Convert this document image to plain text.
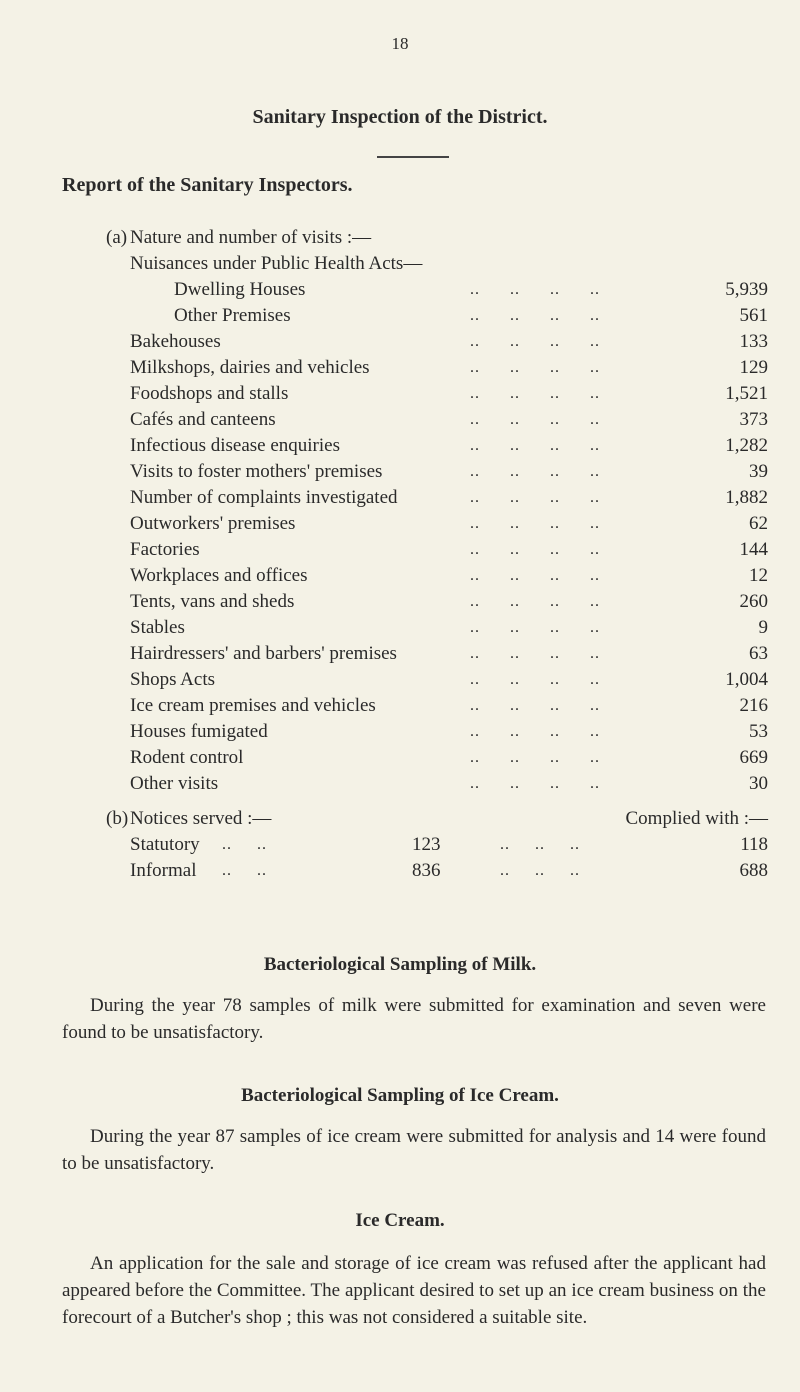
18
Sanitary Inspection of the District.
Report of the Sanitary Inspectors.
(a) Nature and number of visits :—
Nuisances under Public Health Acts—
Dwelling Houses	..      ..      ..      ..	5,939
Other Premises	..      ..      ..      ..	561
Bakehouses	..      ..      ..      ..	133
Milkshops, dairies and vehicles	..      ..      ..      ..	129
Foodshops and stalls	..      ..      ..      ..	1,521
Cafés and canteens	..      ..      ..      ..	373
Infectious disease enquiries	..      ..      ..      ..	1,282
Visits to foster mothers' premises	..      ..      ..      ..	39
Number of complaints investigated	..      ..      ..      ..	1,882
Outworkers' premises	..      ..      ..      ..	62
Factories	..      ..      ..      ..	144
Workplaces and offices	..      ..      ..      ..	12
Tents, vans and sheds	..      ..      ..      ..	260
Stables	..      ..      ..      ..	9
Hairdressers' and barbers' premises	..      ..      ..      ..	63
Shops Acts	..      ..      ..      ..	1,004
Ice cream premises and vehicles	..      ..      ..      ..	216
Houses fumigated	..      ..      ..      ..	53
Rodent control	..      ..      ..      ..	669
Other visits	..      ..      ..      ..	30
(b) Notices served :—	Complied with :—
Statutory ..     ..	123	..     ..     ..	118
Informal ..     ..	836	..     ..     ..	688
Bacteriological Sampling of Milk.
During the year 78 samples of milk were submitted for examination and seven were found to be unsatisfactory.
Bacteriological Sampling of Ice Cream.
During the year 87 samples of ice cream were submitted for analysis and 14 were found to be unsatisfactory.
Ice Cream.
An application for the sale and storage of ice cream was refused after the applicant had appeared before the Committee. The applicant desired to set up an ice cream business on the forecourt of a Butcher's shop ; this was not considered a suitable site.
